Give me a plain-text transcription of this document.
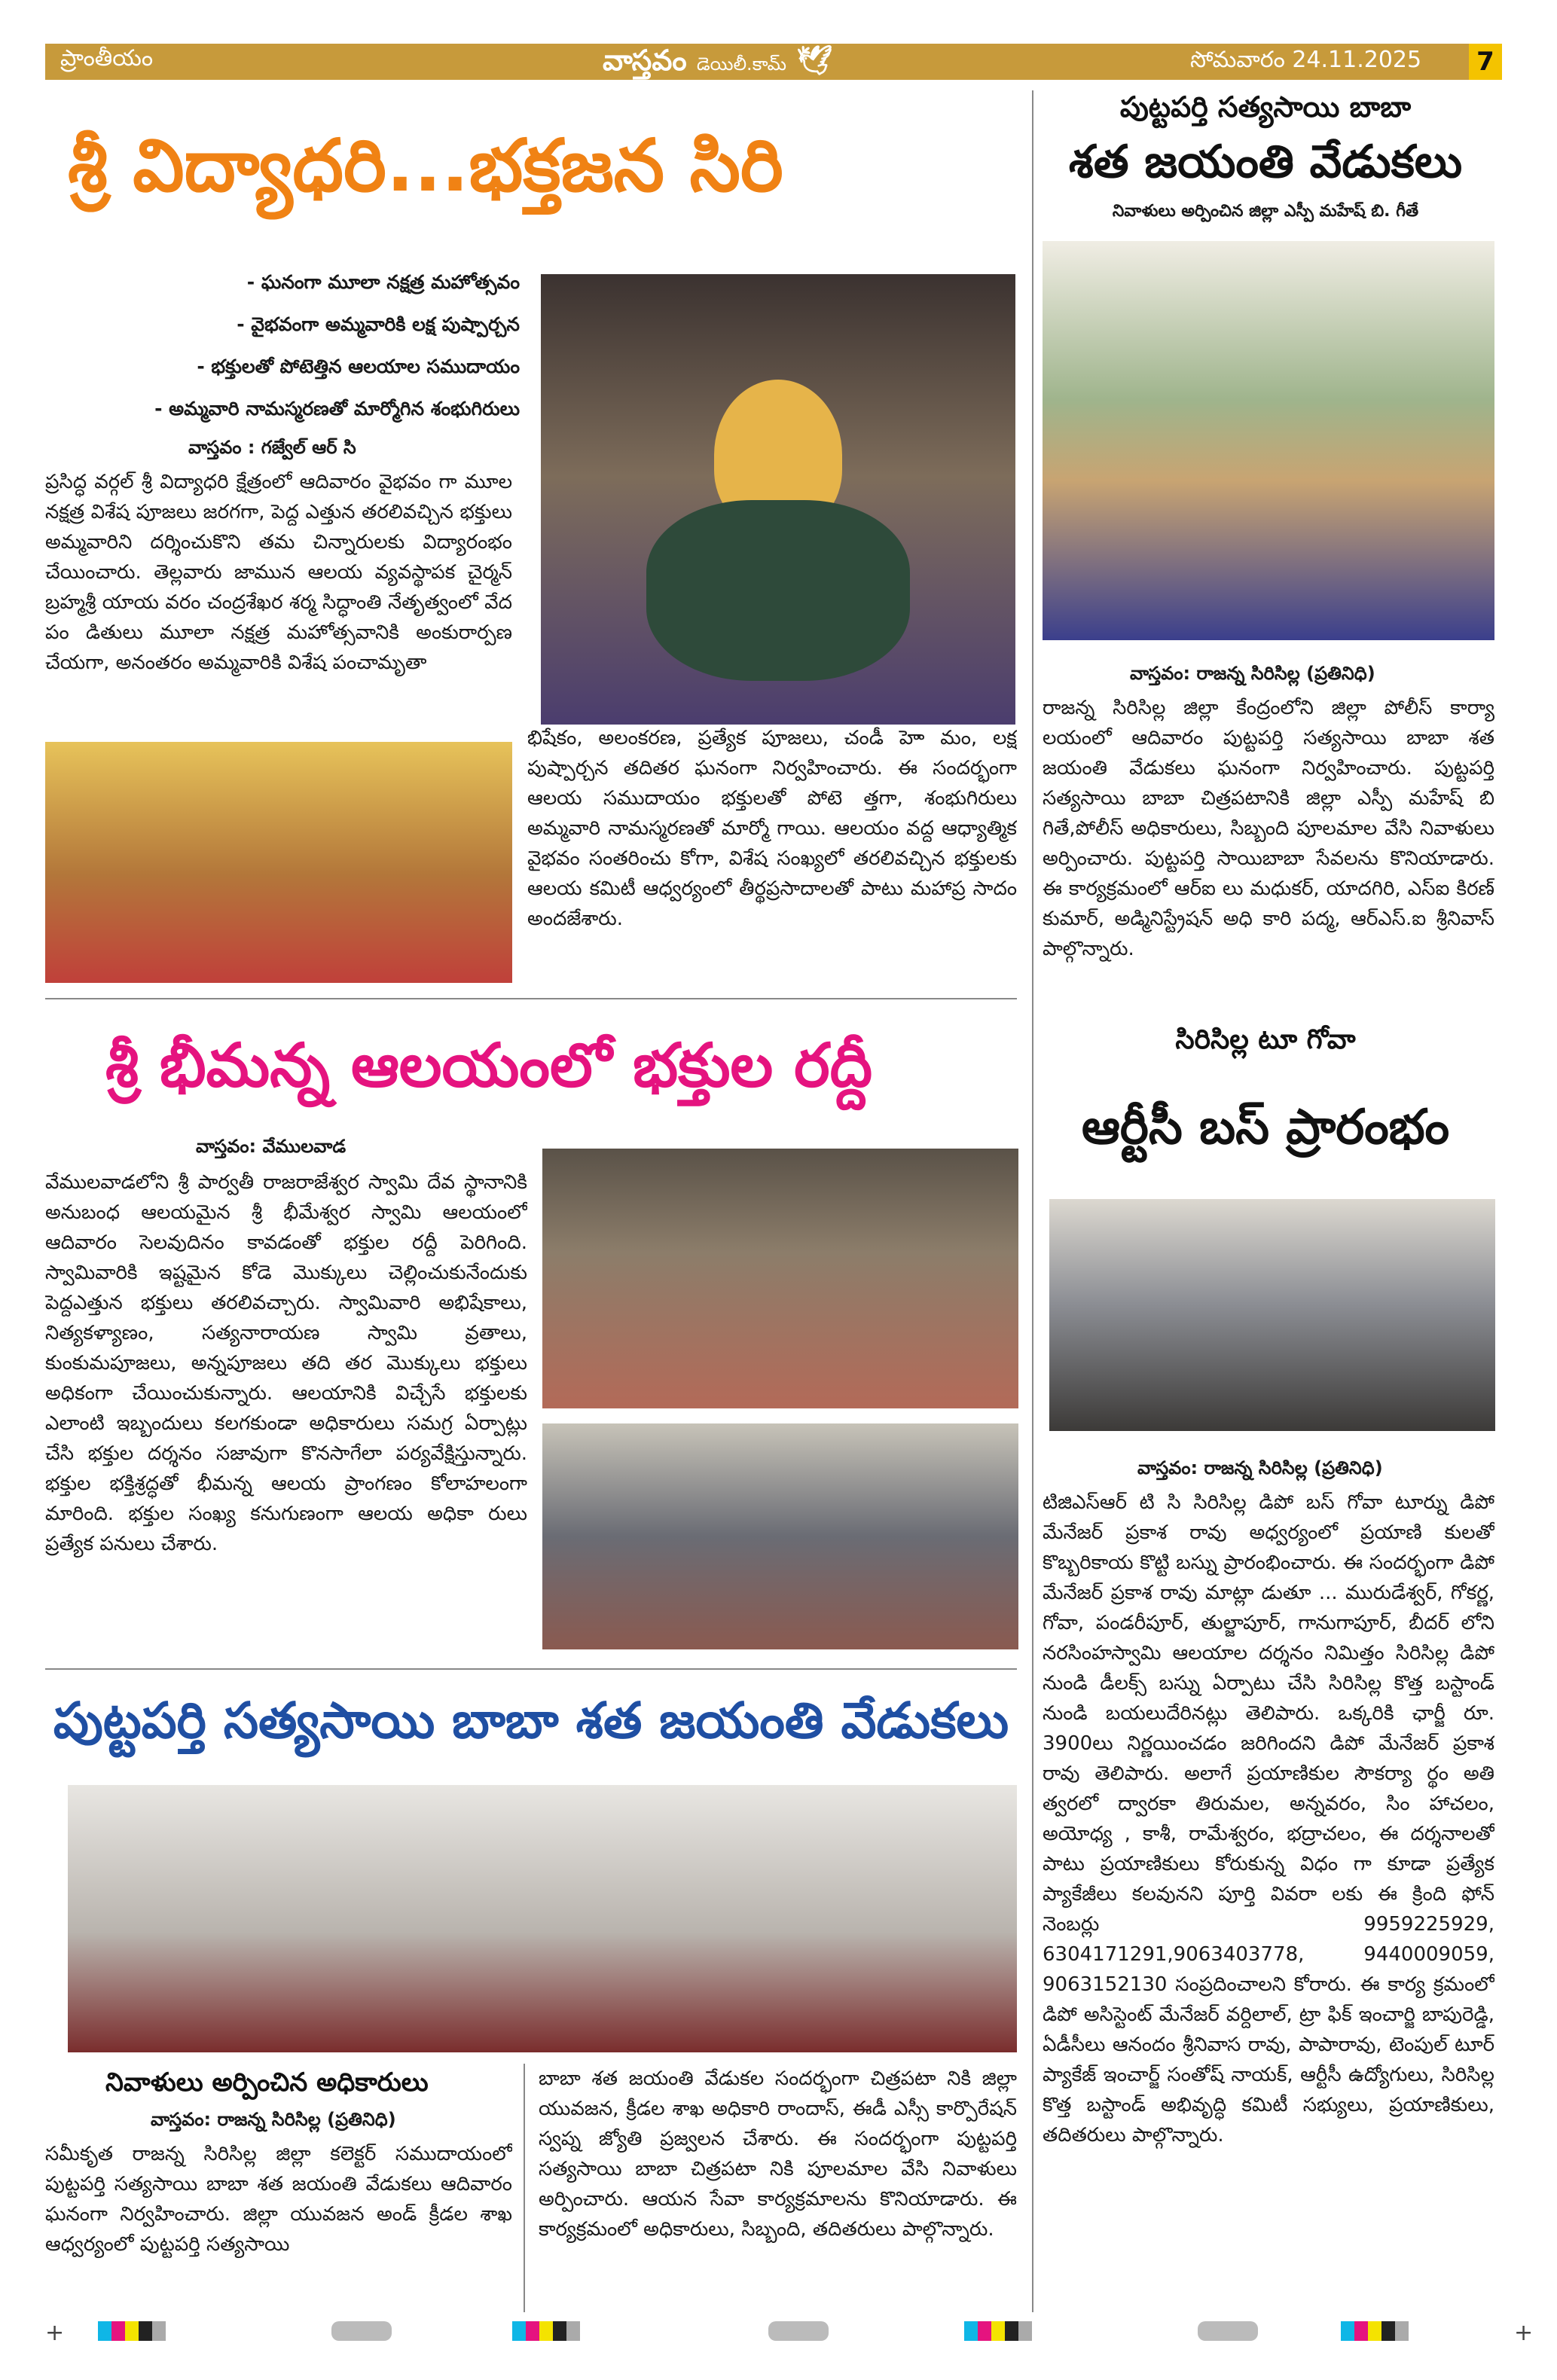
ప్రాంతీయం	వాస్తవం డెయిలీ.కామ్ 🕊	సోమవారం 24.11.2025 7
శ్రీ విద్యాధరి...భక్తజన సిరి
- ఘనంగా మూలా నక్షత్ర మహోత్సవం
- వైభవంగా అమ్మవారికి లక్ష పుష్పార్చన
- భక్తులతో పోటెత్తిన ఆలయాల సముదాయం
- అమ్మవారి నామస్మరణతో మార్మోగిన శంభుగిరులు
వాస్తవం : గజ్వేల్ ఆర్ సి
ప్రసిద్ధ వర్గల్ శ్రీ విద్యాధరి క్షేత్రంలో ఆదివారం వైభవం గా మూల నక్షత్ర విశేష పూజలు జరగగా, పెద్ద ఎత్తున తరలివచ్చిన భక్తులు అమ్మవారిని దర్శించుకొని తమ చిన్నారులకు విద్యారంభం చేయించారు. తెల్లవారు జామున ఆలయ వ్యవస్థాపక చైర్మన్ బ్రహ్మశ్రీ యాయ వరం చంద్రశేఖర శర్మ సిద్ధాంతి నేతృత్వంలో వేద పం డితులు మూలా నక్షత్ర మహోత్సవానికి అంకురార్పణ చేయగా, అనంతరం అమ్మవారికి విశేష పంచామృతా
భిషేకం, అలంకరణ, ప్రత్యేక పూజలు, చండీ హెా మం, లక్ష పుష్పార్చన తదితర ఘనంగా నిర్వహించారు. ఈ సందర్భంగా ఆలయ సముదాయం భక్తులతో పోటె త్తగా, శంభుగిరులు అమ్మవారి నామస్మరణతో మార్మో గాయి. ఆలయం వద్ద ఆధ్యాత్మిక వైభవం సంతరించు కోగా, విశేష సంఖ్యలో తరలివచ్చిన భక్తులకు ఆలయ కమిటీ ఆధ్వర్యంలో తీర్థప్రసాదాలతో పాటు మహాప్ర సాదం అందజేశారు.
శ్రీ భీమన్న ఆలయంలో భక్తుల రద్దీ
వాస్తవం: వేములవాడ
వేములవాడలోని శ్రీ పార్వతీ రాజరాజేశ్వర స్వామి దేవ స్థానానికి అనుబంధ ఆలయమైన శ్రీ భీమేశ్వర స్వామి ఆలయంలో ఆదివారం సెలవుదినం కావడంతో భక్తుల రద్దీ పెరిగింది. స్వామివారికి ఇష్టమైన కోడె మొక్కులు చెల్లించుకునేందుకు పెద్దఎత్తున భక్తులు తరలివచ్చారు. స్వామివారి అభిషేకాలు, నిత్యకళ్యాణం, సత్యనారాయణ స్వామి వ్రతాలు, కుంకుమపూజలు, అన్నపూజలు తది తర మొక్కులు భక్తులు అధికంగా చేయించుకున్నారు. ఆలయానికి విచ్చేసే భక్తులకు ఎలాంటి ఇబ్బందులు కలగకుండా అధికారులు సమగ్ర ఏర్పాట్లు చేసి భక్తుల దర్శనం సజావుగా కొనసాగేలా పర్యవేక్షిస్తున్నారు. భక్తుల భక్తిశ్రద్ధతో భీమన్న ఆలయ ప్రాంగణం కోలాహలంగా మారింది. భక్తుల సంఖ్య కనుగుణంగా ఆలయ అధికా రులు ప్రత్యేక పనులు చేశారు.
పుట్టపర్తి సత్యసాయి బాబా శత జయంతి వేడుకలు
నివాళులు అర్పించిన అధికారులు
వాస్తవం: రాజన్న సిరిసిల్ల (ప్రతినిధి)
సమీకృత రాజన్న సిరిసిల్ల జిల్లా కలెక్టర్ సముదాయంలో పుట్టపర్తి సత్యసాయి బాబా శత జయంతి వేడుకలు ఆదివారం ఘనంగా నిర్వహించారు. జిల్లా యువజన అండ్ క్రీడల శాఖ ఆధ్వర్యంలో పుట్టపర్తి సత్యసాయి
బాబా శత జయంతి వేడుకల సందర్భంగా చిత్రపటా నికి జిల్లా యువజన, క్రీడల శాఖ అధికారి రాందాస్, ఈడీ ఎస్సీ కార్పొరేషన్ స్వప్న జ్యోతి ప్రజ్వలన చేశారు. ఈ సందర్భంగా పుట్టపర్తి సత్యసాయి బాబా చిత్రపటా నికి పూలమాల వేసి నివాళులు అర్పించారు. ఆయన సేవా కార్యక్రమాలను కొనియాడారు. ఈ కార్యక్రమంలో అధికారులు, సిబ్బంది, తదితరులు పాల్గొన్నారు.
పుట్టపర్తి సత్యసాయి బాబా
శత జయంతి వేడుకలు
నివాళులు అర్పించిన జిల్లా ఎస్పీ మహేష్ బి. గీతే
వాస్తవం: రాజన్న సిరిసిల్ల (ప్రతినిధి)
రాజన్న సిరిసిల్ల జిల్లా కేంద్రంలోని జిల్లా పోలీస్ కార్యా లయంలో ఆదివారం పుట్టపర్తి సత్యసాయి బాబా శత జయంతి వేడుకలు ఘనంగా నిర్వహించారు. పుట్టపర్తి సత్యసాయి బాబా చిత్రపటానికి జిల్లా ఎస్పీ మహేష్ బి గితే,పోలీస్ అధికారులు, సిబ్బంది పూలమాల వేసి నివాళులు అర్పించారు. పుట్టపర్తి సాయిబాబా సేవలను కొనియాడారు. ఈ కార్యక్రమంలో ఆర్ఐ లు మధుకర్, యాదగిరి, ఎస్ఐ కిరణ్ కుమార్, అడ్మినిస్ట్రేషన్ అధి కారి పద్మ, ఆర్ఎస్.ఐ శ్రీనివాస్ పాల్గొన్నారు.
సిరిసిల్ల టూ గోవా
ఆర్టీసీ బస్ ప్రారంభం
వాస్తవం: రాజన్న సిరిసిల్ల (ప్రతినిధి)
టిజిఎస్ఆర్ టి సి సిరిసిల్ల డిపో బస్ గోవా టూర్ను డిపో మేనేజర్ ప్రకాశ రావు అధ్వర్యంలో ప్రయాణి కులతో కొబ్బరికాయ కొట్టి బస్ను ప్రారంభించారు. ఈ సందర్భంగా డిపో మేనేజర్ ప్రకాశ రావు మాట్లా డుతూ ... మురుడేశ్వర్, గోకర్ణ, గోవా, పండరీపూర్, తుల్జాపూర్, గానుగాపూర్, బీదర్ లోని నరసింహస్వామి ఆలయాల దర్శనం నిమిత్తం సిరిసిల్ల డిపో నుండి డీలక్స్ బస్ను ఏర్పాటు చేసి సిరిసిల్ల కొత్త బస్టాండ్ నుండి బయలుదేరినట్లు తెలిపారు. ఒక్కరికి ఛార్జీ రూ. 3900లు నిర్ణయించడం జరిగిందని డిపో మేనేజర్ ప్రకాశ రావు తెలిపారు. అలాగే ప్రయాణికుల సౌకర్యా ర్థం అతి త్వరలో ద్వారకా తిరుమల, అన్నవరం, సిం హాచలం, అయోధ్య , కాశీ, రామేశ్వరం, భద్రాచలం, ఈ దర్శనాలతో పాటు ప్రయాణికులు కోరుకున్న విధం గా కూడా ప్రత్యేక ప్యాకేజీలు కలవునని పూర్తి వివరా లకు ఈ క్రింది ఫోన్ నెంబర్లు 9959225929, 6304171291,9063403778, 9440009059, 9063152130 సంప్రదించాలని కోరారు. ఈ కార్య క్రమంలో డిపో అసిస్టెంట్ మేనేజర్ వర్దిలాల్, ట్రా ఫిక్ ఇంచార్జి బాపురెడ్డి, ఏడీసీలు ఆనందం శ్రీనివాస రావు, పాపారావు, టెంపుల్ టూర్ ప్యాకేజ్ ఇంచార్జ్ సంతోష్ నాయక్, ఆర్టీసీ ఉద్యోగులు, సిరిసిల్ల కొత్త బస్టాండ్ అభివృద్ధి కమిటీ సభ్యులు, ప్రయాణికులు, తదితరులు పాల్గొన్నారు.
+	+
